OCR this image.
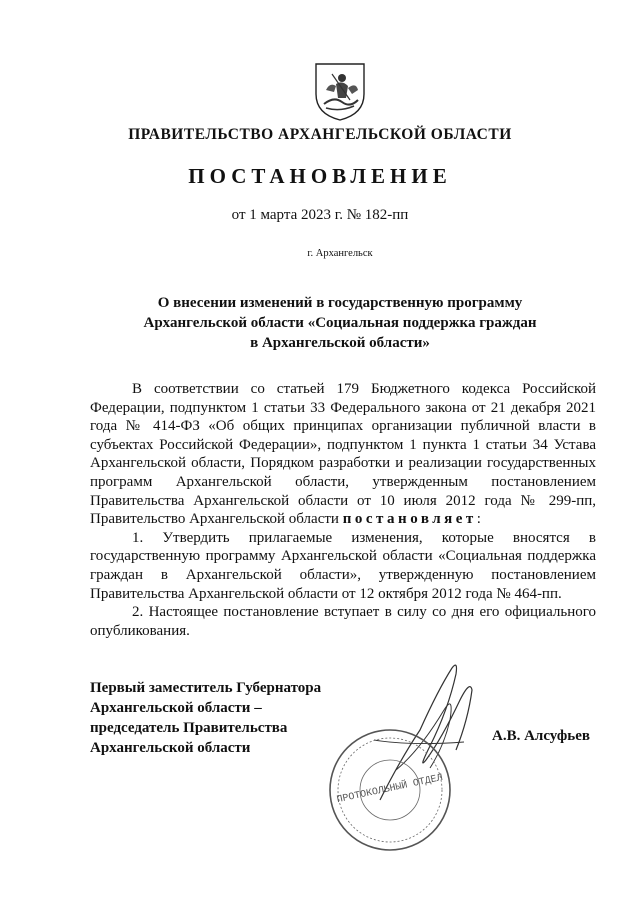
ПРАВИТЕЛЬСТВО АРХАНГЕЛЬСКОЙ ОБЛАСТИ
ПОСТАНОВЛЕНИЕ
от 1 марта 2023 г. № 182-пп
г. Архангельск
О внесении изменений в государственную программу
Архангельской области «Социальная поддержка граждан
в Архангельской области»

В соответствии со статьей 179 Бюджетного кодекса Российской Федерации, подпунктом 1 статьи 33 Федерального закона от 21 декабря 2021 года № 414-ФЗ «Об общих принципах организации публичной власти в субъектах Российской Федерации», подпунктом 1 пункта 1 статьи 34 Устава Архангельской области, Порядком разработки и реализации государственных программ Архангельской области, утвержденным постановлением Правительства Архангельской области от 10 июля 2012 года № 299-пп, Правительство Архангельской области постановляет:

1. Утвердить прилагаемые изменения, которые вносятся в государственную программу Архангельской области «Социальная поддержка граждан в Архангельской области», утвержденную постановлением Правительства Архангельской области от 12 октября 2012 года № 464-пп.

2. Настоящее постановление вступает в силу со дня его официального опубликования.

Первый заместитель Губернатора
Архангельской области –
председатель Правительства
Архангельской области
ПРОТОКОЛЬНЫЙ ОТДЕЛ
А.В. Алсуфьев
